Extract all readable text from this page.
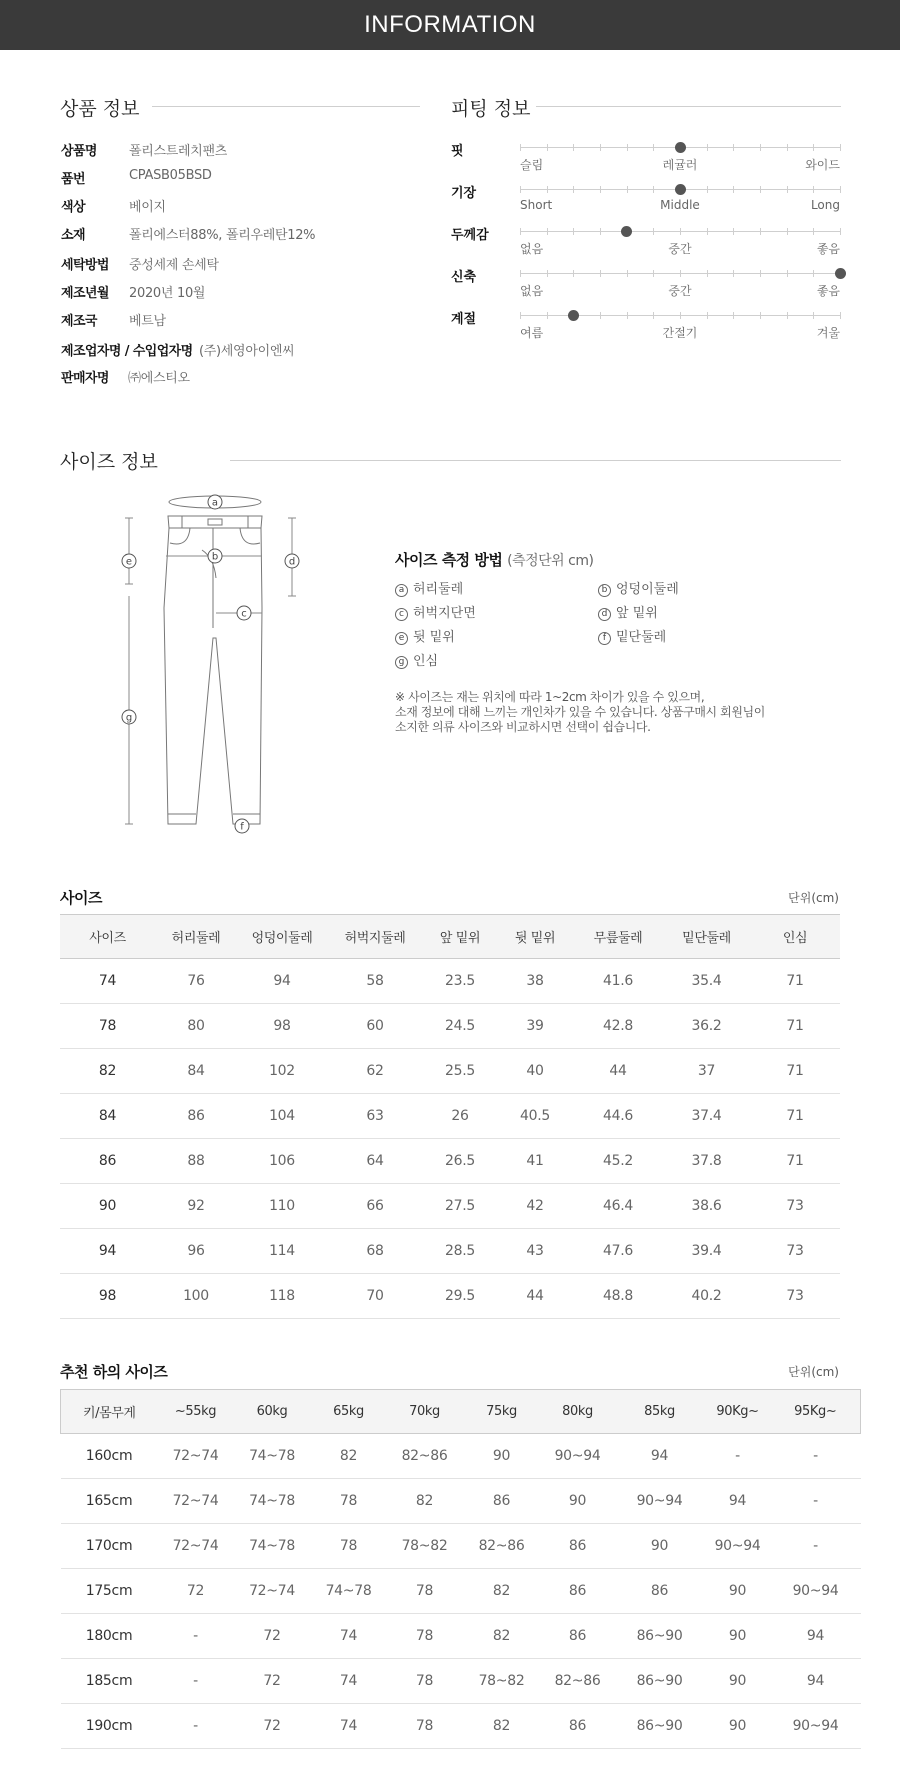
INFORMATION
상품 정보
상품명 폴리스트레치팬츠
품번	CPASB05BSD
색상	베이지
소재	폴리에스터88%, 폴리우레탄12%
세탁방법 중성세제 손세탁
제조년월 2020년 10월
제조국 베트남
제조업자명 / 수입업자명 (주)세영아이엔씨
판매자명 ㈜에스티오
피팅 정보
핏
슬림	레귤러	와이드
기장
Short	Middle	Long
두께감
없음	중간	좋음
신축
없음	중간	좋음
계절
여름	간절기	겨울
사이즈 정보
a
b
c
d
e
f
g
사이즈 측정 방법 (측정단위 cm)
a 허리둘레	b 엉덩이둘레
c 허벅지단면	d 앞 밑위
e 뒷 밑위	f 밑단둘레
g 인심
※ 사이즈는 재는 위치에 따라 1~2cm 차이가 있을 수 있으며,
소재 정보에 대해 느끼는 개인차가 있을 수 있습니다. 상품구매시 회원님이
소지한 의류 사이즈와 비교하시면 선택이 쉽습니다.
사이즈	단위(cm)
사이즈	허리둘레	엉덩이둘레	허벅지둘레	앞 밑위	뒷 밑위	무릎둘레	밑단둘레	인심
74	76	94	58	23.5	38	41.6	35.4	71
78	80	98	60	24.5	39	42.8	36.2	71
82	84	102	62	25.5	40	44	37	71
84	86	104	63	26	40.5	44.6	37.4	71
86	88	106	64	26.5	41	45.2	37.8	71
90	92	110	66	27.5	42	46.4	38.6	73
94	96	114	68	28.5	43	47.6	39.4	73
98	100	118	70	29.5	44	48.8	40.2	73
추천 하의 사이즈	단위(cm)
키/몸무게	~55kg	60kg	65kg	70kg	75kg	80kg	85kg	90Kg~	95Kg~
160cm	72~74	74~78	82	82~86	90	90~94	94	-	-
165cm	72~74	74~78	78	82	86	90	90~94	94	-
170cm	72~74	74~78	78	78~82	82~86	86	90	90~94	-
175cm	72	72~74	74~78	78	82	86	86	90	90~94
180cm	-	72	74	78	82	86	86~90	90	94
185cm	-	72	74	78	78~82	82~86	86~90	90	94
190cm	-	72	74	78	82	86	86~90	90	90~94
